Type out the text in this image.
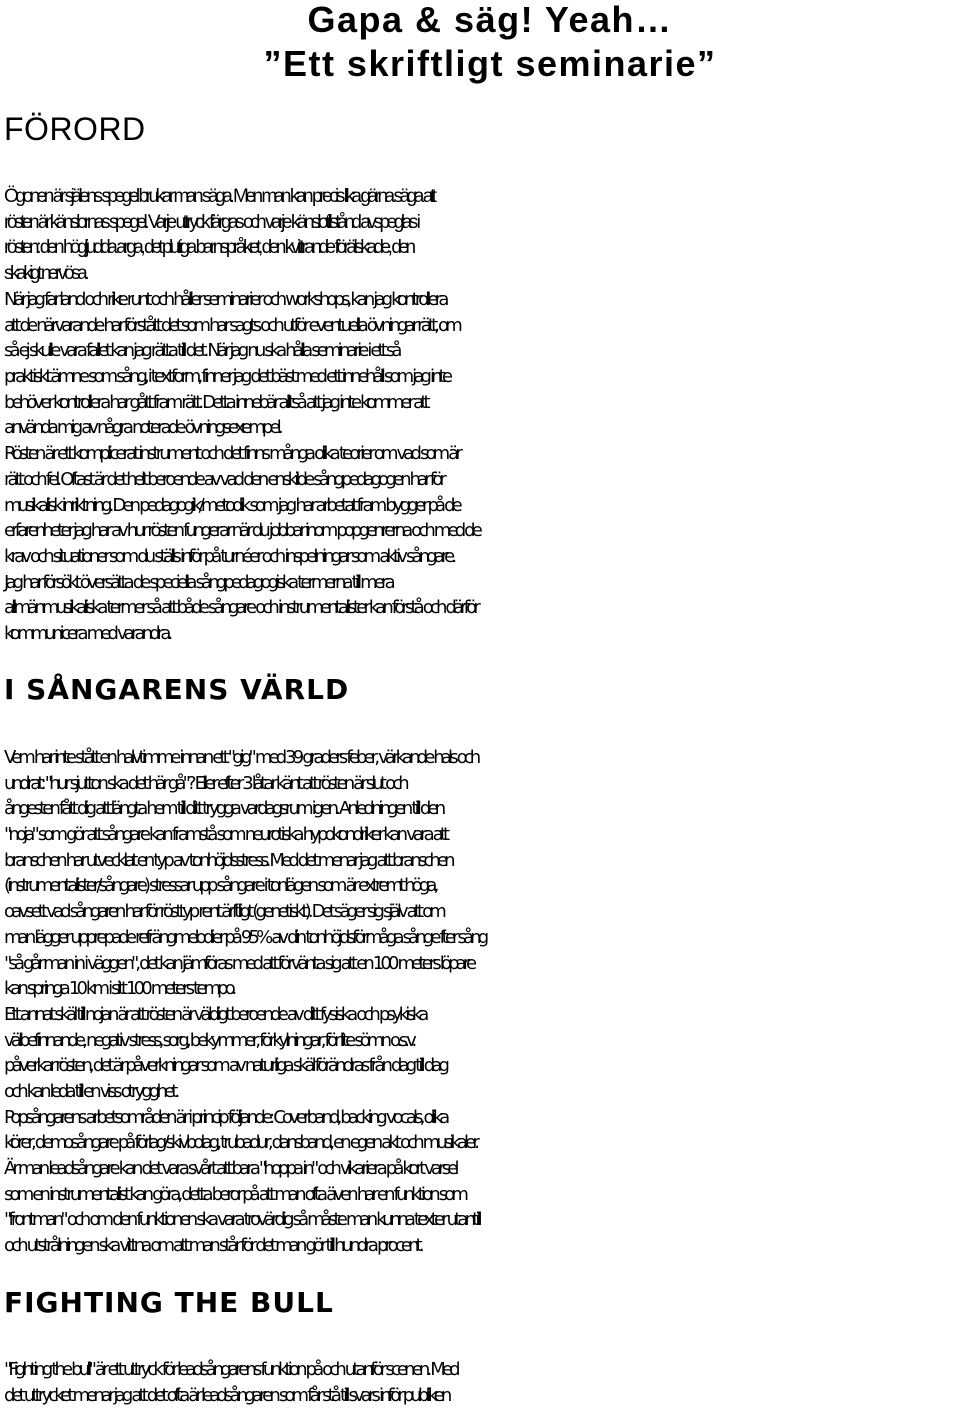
Gapa & säg! Yeah…
”Ett skriftligt seminarie”
FÖRORD
Ögonen är själens spegel brukar man säga. Men man kan precis lika gärna säga att
rösten är känslornas spegel. Varje uttryck färgas och varje känslotillstånd avspeglas i
rösten: den högljudda arga, det plutiga barnspråket, den kvittrande förälskade, den
skakigt nervösa.
När jag far land och rike runt och håller seminarier och workshops, kan jag kontrollera
att de närvarande har förstått det som har sagts och utför eventuella övningar rätt, om
så ej skulle vara fallet kan jag rätta till det. När jag nu ska hålla seminarie i ett så
praktiskt ämne som sång, i textform, finner jag det bäst med ett innehåll som jag inte
behöver kontrollera har gått fram rätt. Detta innebär alltså att jag inte kommer att
använda mig av några noterade övningsexempel.
Rösten är ett komplicerat instrument och det finns många olika teorier om vad som är
rätt och fel. Oftast är det helt beroende av vad den enskilde sångpedagogen har för
musikalisk inriktning. Den pedagogik/metodik som jag har arbetat fram bygger på de
erfarenheter jag har av hur rösten fungerar när du jobbar inom popgenrerna och med de
krav och situationer som du ställs inför på turnéer och inspelningar som aktiv sångare.
Jag har försökt översätta de speciella sångpedagogiska termerna till mera
allmänmusikaliska termer så att både sångare och instrumentalister kan förstå och därför
kommunicera med varandra.
I SÅNGARENS VÄRLD
Vem har inte stått en halvtimme innan ett "gig" med 39 graders feber, värkande hals och
undrat: "hur sjutton ska det här gå"? Eller efter 3 låtar känt att rösten är slut och
ångesten fått dig att längta hem till ditt trygga vardagsrum igen. Anledningen till den
"noja" som gör att sångare kan framstå som neurotiska hypokondriker kan vara att
branschen har utvecklat en typ av tonhöjdsstress. Med det menar jag att branschen
(instrumentalister/sångare) stressar upp sångare i tonlägen som är extremt höga,
oavsett vad sångaren har för rösttyp rent ärftligt (genetiskt). Det säger sig själv att om
man lägger upprepade refrängmelodier på 95% av din tonhöjdsförmåga sånge fter sång
"så går man in i väggen", det kan jämföras med att förvänta sig att en 100 meters löpare
kan springa 10 km i sitt 100 meters tempo.
Ett annat skäl till nojan är att rösten är väldigt beroende av ditt fysiska och psykiska
välbefinnande, negativ stress, sorg, bekymmer, förkylningar, för lite sömn o.s.v.
påverkar rösten, det är påverkningar som av naturliga skäl förändras från dag till dag
och kan leda till en viss otrygghet.
Popsångarens arbetsområden är i princip följande: Coverband, backing vocals, olika
körer, demosångare på förlag/skivbolag, trubadur, dansband, en egen akt och musikaler.
Är man leadsångare kan det vara svårt att bara "hoppa in" och vikariera på kort varsel
som en instrumentalist kan göra, detta beror på att man ofta även har en funktion som
"frontman" och om den funktionen ska vara trovärdig så måste man kunna texter utantill
och utstrålningen ska vittna om att man står för det man gör till hundra procent.
FIGHTING THE BULL
"Fighting the bull" är ett uttryck för leadsångarens funktion på och utanför scenen. Med
det uttrycket menar jag att det ofta är leadsångaren som får stå till svars inför publiken
